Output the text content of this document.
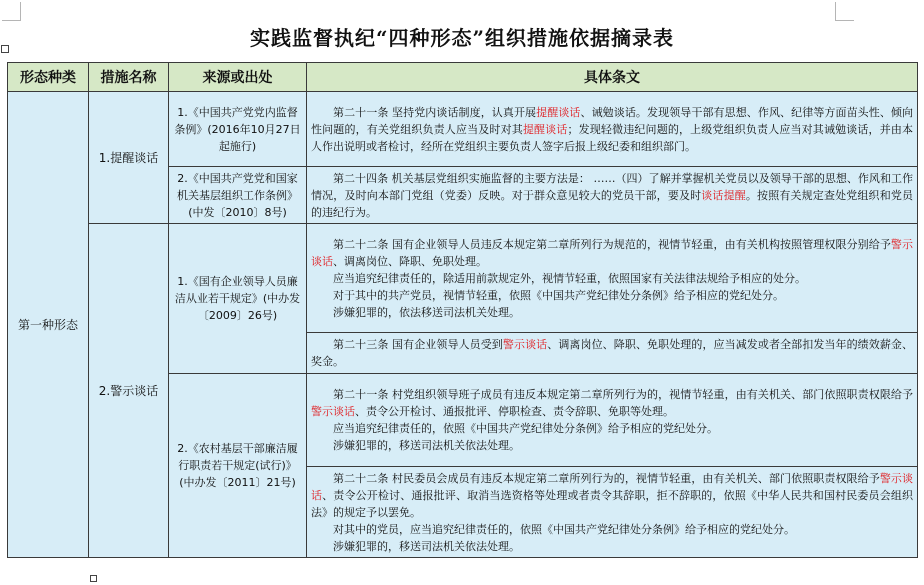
实践监督执纪“四种形态”组织措施依据摘录表
形态种类	措施名称	来源或出处	具体条文
第一种形态	1.提醒谈话	1.《中国共产党党内监督条例》(2016年10月27日起施行)	第二十一条 坚持党内谈话制度，认真开展提醒谈话、诫勉谈话。发现领导干部有思想、作风、纪律等方面苗头性、倾向性问题的，有关党组织负责人应当及时对其提醒谈话；发现轻微违纪问题的，上级党组织负责人应当对其诫勉谈话，并由本人作出说明或者检讨，经所在党组织主要负责人签字后报上级纪委和组织部门。

		2.《中国共产党党和国家机关基层组织工作条例》(中发〔2010〕8号)	第二十四条 机关基层党组织实施监督的主要方法是： ……（四）了解并掌握机关党员以及领导干部的思想、作风和工作情况，及时向本部门党组（党委）反映。对于群众意见较大的党员干部，要及时谈话提醒。按照有关规定查处党组织和党员的违纪行为。

	2.警示谈话	1.《国有企业领导人员廉洁从业若干规定》(中办发〔2009〕26号)	第二十二条 国有企业领导人员违反本规定第二章所列行为规范的，视情节轻重，由有关机构按照管理权限分别给予警示谈话、调离岗位、降职、免职处理。

应当追究纪律责任的，除适用前款规定外，视情节轻重，依照国家有关法律法规给予相应的处分。

对于其中的共产党员，视情节轻重，依照《中国共产党纪律处分条例》给予相应的党纪处分。

涉嫌犯罪的，依法移送司法机关处理。

			第二十三条 国有企业领导人员受到警示谈话、调离岗位、降职、免职处理的，应当减发或者全部扣发当年的绩效薪金、奖金。

		2.《农村基层干部廉洁履行职责若干规定(试行)》(中办发〔2011〕21号)	第二十一条 村党组织领导班子成员有违反本规定第二章所列行为的，视情节轻重，由有关机关、部门依照职责权限给予警示谈话、责令公开检讨、通报批评、停职检查、责令辞职、免职等处理。

应当追究纪律责任的，依照《中国共产党纪律处分条例》给予相应的党纪处分。

涉嫌犯罪的，移送司法机关依法处理。

			第二十二条 村民委员会成员有违反本规定第二章所列行为的，视情节轻重，由有关机关、部门依照职责权限给予警示谈话、责令公开检讨、通报批评、取消当选资格等处理或者责令其辞职，拒不辞职的，依照《中华人民共和国村民委员会组织法》的规定予以罢免。

对其中的党员，应当追究纪律责任的，依照《中国共产党纪律处分条例》给予相应的党纪处分。

涉嫌犯罪的，移送司法机关依法处理。
